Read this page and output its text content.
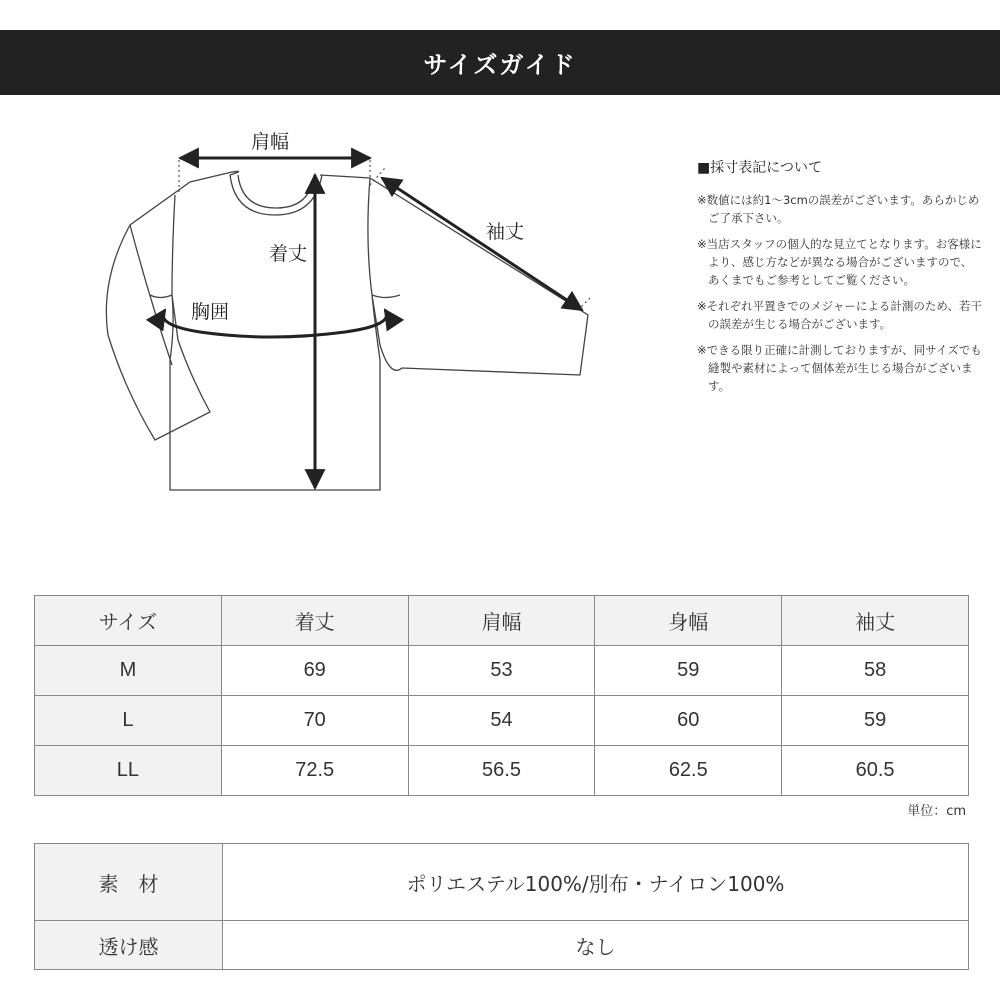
サイズガイド
肩幅
着丈
袖丈
胸囲
■採寸表記について
※数値には約1～3cmの誤差がございます。あらかじめご了承下さい。
※当店スタッフの個人的な見立てとなります。お客様により、感じ方などが異なる場合がございますので、あくまでもご参考としてご覧ください。
※それぞれ平置きでのメジャーによる計測のため、若干の誤差が生じる場合がございます。
※できる限り正確に計測しておりますが、同サイズでも縫製や素材によって個体差が生じる場合がございます。
サイズ	着丈	肩幅	身幅	袖丈
M	69	53	59	58
L	70	54	60	59
LL	72.5	56.5	62.5	60.5
単位：cm
素　材	ポリエステル100%/別布・ナイロン100%
透け感	なし
